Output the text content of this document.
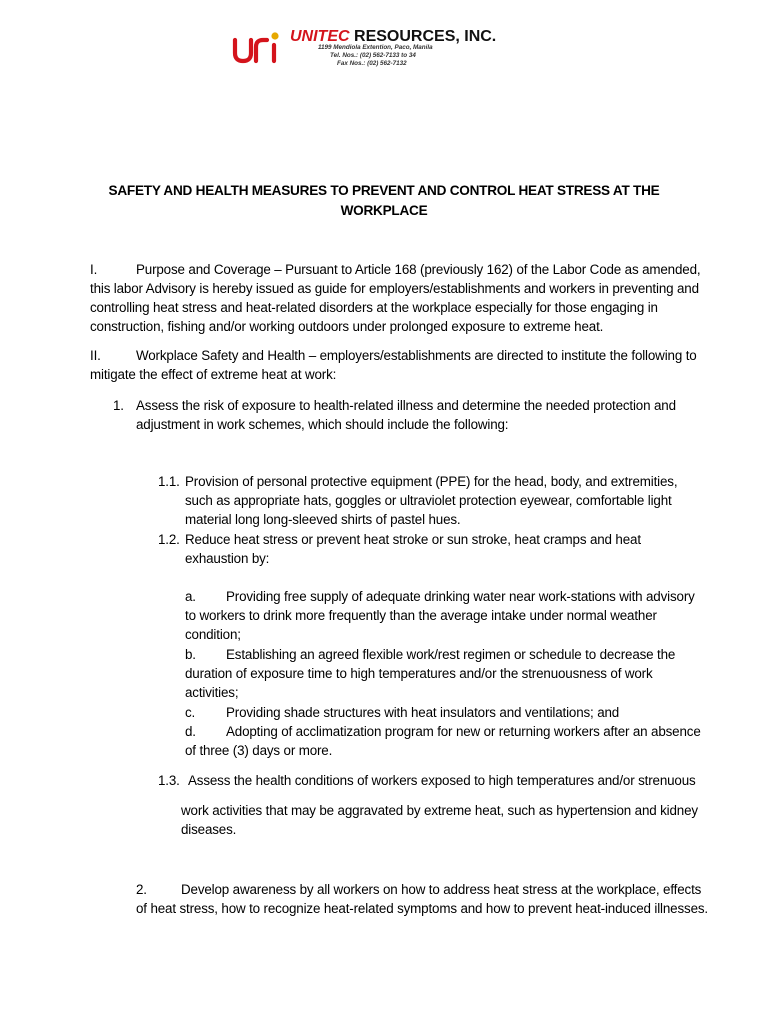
UNITEC RESOURCES, INC.
1199 Mendiola Extention, Paco, Manila
Tel. Nos.: (02) 562-7133 to 34
Fax Nos.: (02) 562-7132
SAFETY AND HEALTH MEASURES TO PREVENT AND CONTROL HEAT STRESS AT THE
WORKPLACE
I.	Purpose and Coverage – Pursuant to Article 168 (previously 162) of the Labor Code as amended,
this labor Advisory is hereby issued as guide for employers/establishments and workers in preventing and
controlling heat stress and heat-related disorders at the workplace especially for those engaging in
construction, fishing and/or working outdoors under prolonged exposure to extreme heat.
II.	Workplace Safety and Health – employers/establishments are directed to institute the following to
mitigate the effect of extreme heat at work:
1. Assess the risk of exposure to health-related illness and determine the needed protection and
adjustment in work schemes, which should include the following:
1.1. Provision of personal protective equipment (PPE) for the head, body, and extremities,
such as appropriate hats, goggles or ultraviolet protection eyewear, comfortable light
material long long-sleeved shirts of pastel hues.
1.2. Reduce heat stress or prevent heat stroke or sun stroke, heat cramps and heat
exhaustion by:
a. Providing free supply of adequate drinking water near work-stations with advisory
to workers to drink more frequently than the average intake under normal weather
condition;
b. Establishing an agreed flexible work/rest regimen or schedule to decrease the
duration of exposure time to high temperatures and/or the strenuousness of work
activities;
c. Providing shade structures with heat insulators and ventilations; and
d. Adopting of acclimatization program for new or returning workers after an absence
of three (3) days or more.
1.3. Assess the health conditions of workers exposed to high temperatures and/or strenuous
work activities that may be aggravated by extreme heat, such as hypertension and kidney
diseases.
2.	Develop awareness by all workers on how to address heat stress at the workplace, effects
of heat stress, how to recognize heat-related symptoms and how to prevent heat-induced illnesses.
